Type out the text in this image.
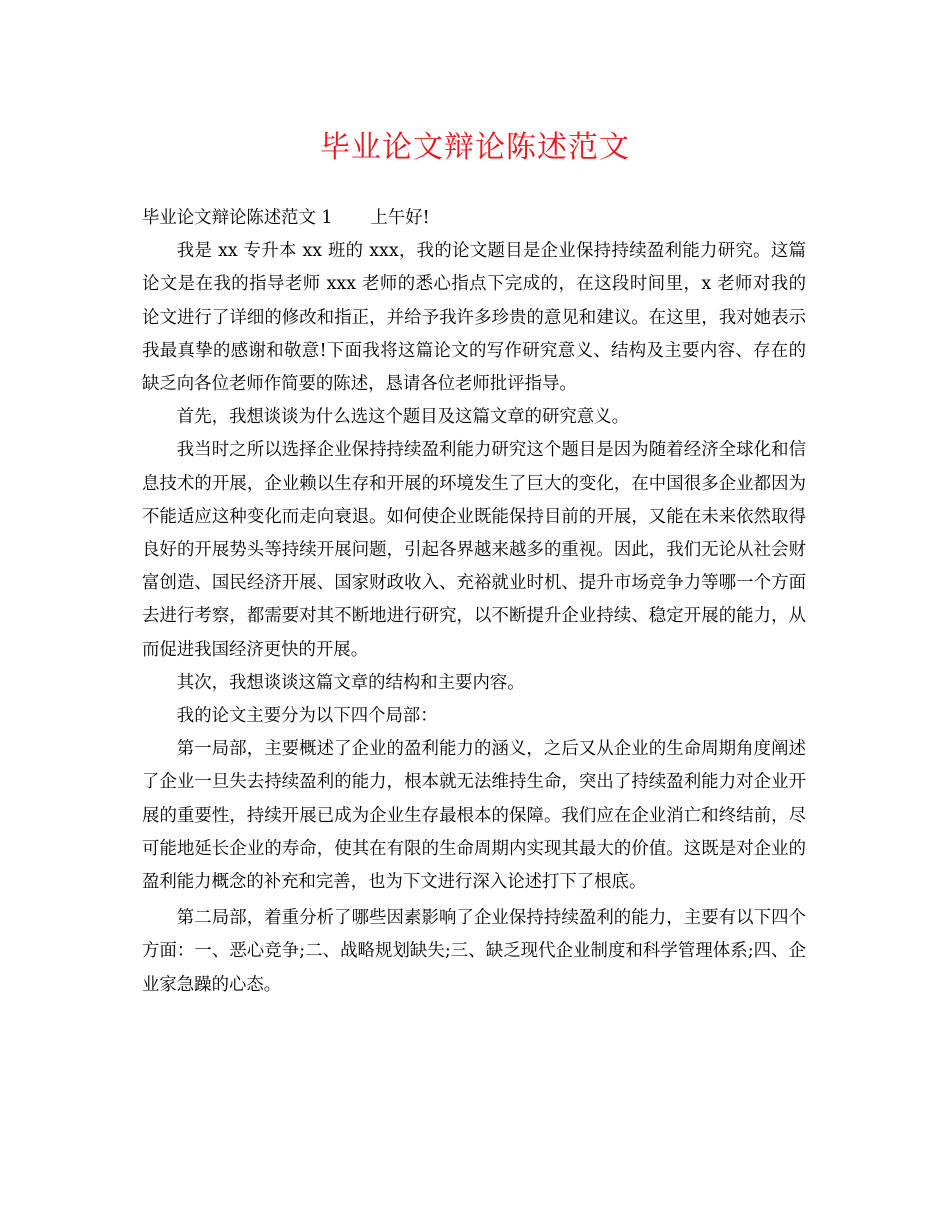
毕业论文辩论陈述范文

毕业论文辩论陈述范文 1 上午好!

我是 xx 专升本 xx 班的 xxx，我的论文题目是企业保持持续盈利能力研究。这篇论文是在我的指导老师 xxx 老师的悉心指点下完成的，在这段时间里，x 老师对我的论文进行了详细的修改和指正，并给予我许多珍贵的意见和建议。在这里，我对她表示我最真挚的感谢和敬意!下面我将这篇论文的写作研究意义、结构及主要内容、存在的缺乏向各位老师作简要的陈述，恳请各位老师批评指导。

首先，我想谈谈为什么选这个题目及这篇文章的研究意义。

我当时之所以选择企业保持持续盈利能力研究这个题目是因为随着经济全球化和信息技术的开展，企业赖以生存和开展的环境发生了巨大的变化，在中国很多企业都因为不能适应这种变化而走向衰退。如何使企业既能保持目前的开展，又能在未来依然取得良好的开展势头等持续开展问题，引起各界越来越多的重视。因此，我们无论从社会财富创造、国民经济开展、国家财政收入、充裕就业时机、提升市场竞争力等哪一个方面去进行考察，都需要对其不断地进行研究，以不断提升企业持续、稳定开展的能力，从而促进我国经济更快的开展。

其次，我想谈谈这篇文章的结构和主要内容。

我的论文主要分为以下四个局部：

第一局部，主要概述了企业的盈利能力的涵义，之后又从企业的生命周期角度阐述了企业一旦失去持续盈利的能力，根本就无法维持生命，突出了持续盈利能力对企业开展的重要性，持续开展已成为企业生存最根本的保障。我们应在企业消亡和终结前，尽可能地延长企业的寿命，使其在有限的生命周期内实现其最大的价值。这既是对企业的盈利能力概念的补充和完善，也为下文进行深入论述打下了根底。

第二局部，着重分析了哪些因素影响了企业保持持续盈利的能力，主要有以下四个方面：一、恶心竞争;二、战略规划缺失;三、缺乏现代企业制度和科学管理体系;四、企业家急躁的心态。
